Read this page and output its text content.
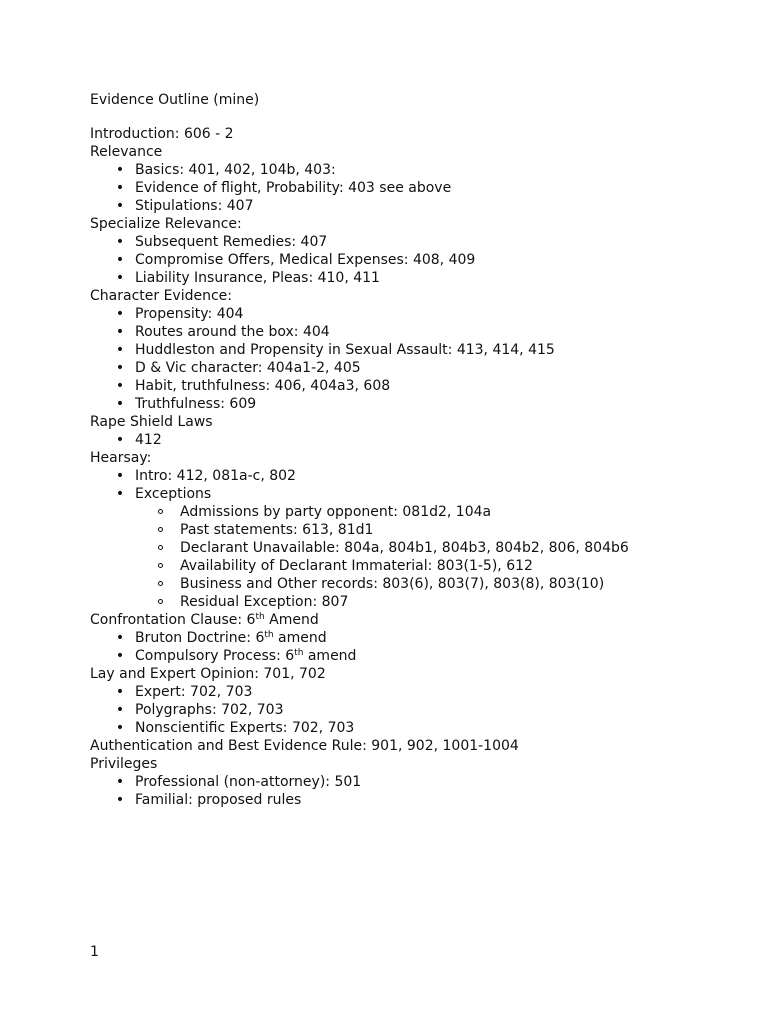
Evidence Outline (mine)
Introduction: 606 - 2
Relevance
• Basics: 401, 402, 104b, 403:
• Evidence of flight, Probability: 403 see above
• Stipulations: 407
Specialize Relevance:
• Subsequent Remedies: 407
• Compromise Offers, Medical Expenses: 408, 409
• Liability Insurance, Pleas: 410, 411
Character Evidence:
• Propensity: 404
• Routes around the box: 404
• Huddleston and Propensity in Sexual Assault: 413, 414, 415
• D & Vic character: 404a1-2, 405
• Habit, truthfulness: 406, 404a3, 608
• Truthfulness: 609
Rape Shield Laws
• 412
Hearsay:
• Intro: 412, 081a-c, 802
• Exceptions
Admissions by party opponent: 081d2, 104a
Past statements: 613, 81d1
Declarant Unavailable: 804a, 804b1, 804b3, 804b2, 806, 804b6
Availability of Declarant Immaterial: 803(1-5), 612
Business and Other records: 803(6), 803(7), 803(8), 803(10)
Residual Exception: 807
Confrontation Clause: 6th Amend
• Bruton Doctrine: 6th amend
• Compulsory Process: 6th amend
Lay and Expert Opinion: 701, 702
• Expert: 702, 703
• Polygraphs: 702, 703
• Nonscientific Experts: 702, 703
Authentication and Best Evidence Rule: 901, 902, 1001-1004
Privileges
• Professional (non-attorney): 501
• Familial: proposed rules
1
